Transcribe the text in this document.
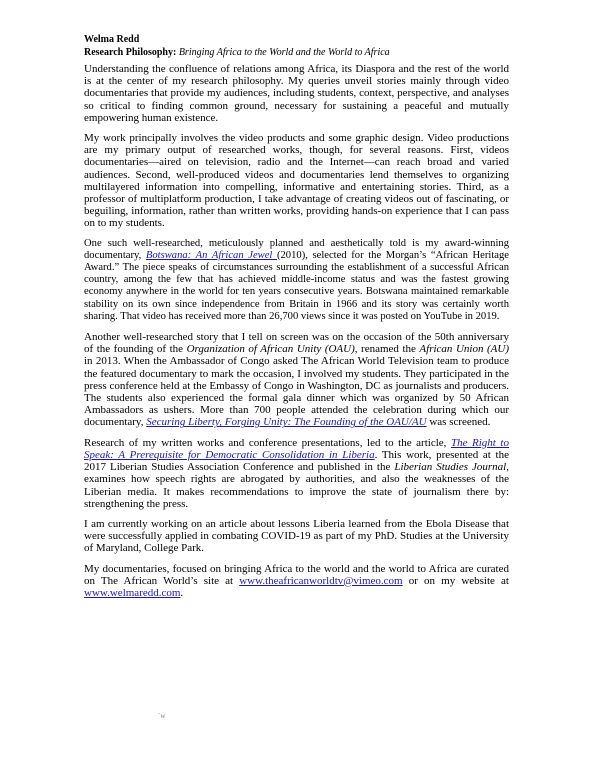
Welma Redd

Research Philosophy: Bringing Africa to the World and the World to Africa

Understanding the confluence of relations among Africa, its Diaspora and the rest of the world is at the center of my research philosophy. My queries unveil stories mainly through video documentaries that provide my audiences, including students, context, perspective, and analyses so critical to finding common ground, necessary for sustaining a peaceful and mutually empowering human existence.

My work principally involves the video products and some graphic design. Video productions are my primary output of researched works, though, for several reasons. First, videos documentaries—aired on television, radio and the Internet—can reach broad and varied audiences. Second, well-produced videos and documentaries lend themselves to organizing multilayered information into compelling, informative and entertaining stories. Third, as a professor of multiplatform production, I take advantage of creating videos out of fascinating, or beguiling, information, rather than written works, providing hands-on experience that I can pass on to my students.

One such well-researched, meticulously planned and aesthetically told is my award-winning documentary, Botswana: An African Jewel (2010), selected for the Morgan’s “African Heritage Award.” The piece speaks of circumstances surrounding the establishment of a successful African country, among the few that has achieved middle-income status and was the fastest growing economy anywhere in the world for ten years consecutive years. Botswana maintained remarkable stability on its own since independence from Britain in 1966 and its story was certainly worth sharing. That video has received more than 26,700 views since it was posted on YouTube in 2019.

Another well-researched story that I tell on screen was on the occasion of the 50th anniversary of the founding of the Organization of African Unity (OAU), renamed the African Union (AU) in 2013. When the Ambassador of Congo asked The African World Television team to produce the featured documentary to mark the occasion, I involved my students. They participated in the press conference held at the Embassy of Congo in Washington, DC as journalists and producers. The students also experienced the formal gala dinner which was organized by 50 African Ambassadors as ushers. More than 700 people attended the celebration during which our documentary, Securing Liberty, Forging Unity: The Founding of the OAU/AU was screened.

Research of my written works and conference presentations, led to the article, The Right to Speak: A Prerequisite for Democratic Consolidation in Liberia. This work, presented at the 2017 Liberian Studies Association Conference and published in the Liberian Studies Journal, examines how speech rights are abrogated by authorities, and also the weaknesses of the Liberian media. It makes recommendations to improve the state of journalism there by: strengthening the press.

I am currently working on an article about lessons Liberia learned from the Ebola Disease that were successfully applied in combating COVID-19 as part of my PhD. Studies at the University of Maryland, College Park.

My documentaries, focused on bringing Africa to the world and the world to Africa are curated on The African World’s site at www.theafricanworldtv@vimeo.com or on my website at www.welmaredd.com.

`w
